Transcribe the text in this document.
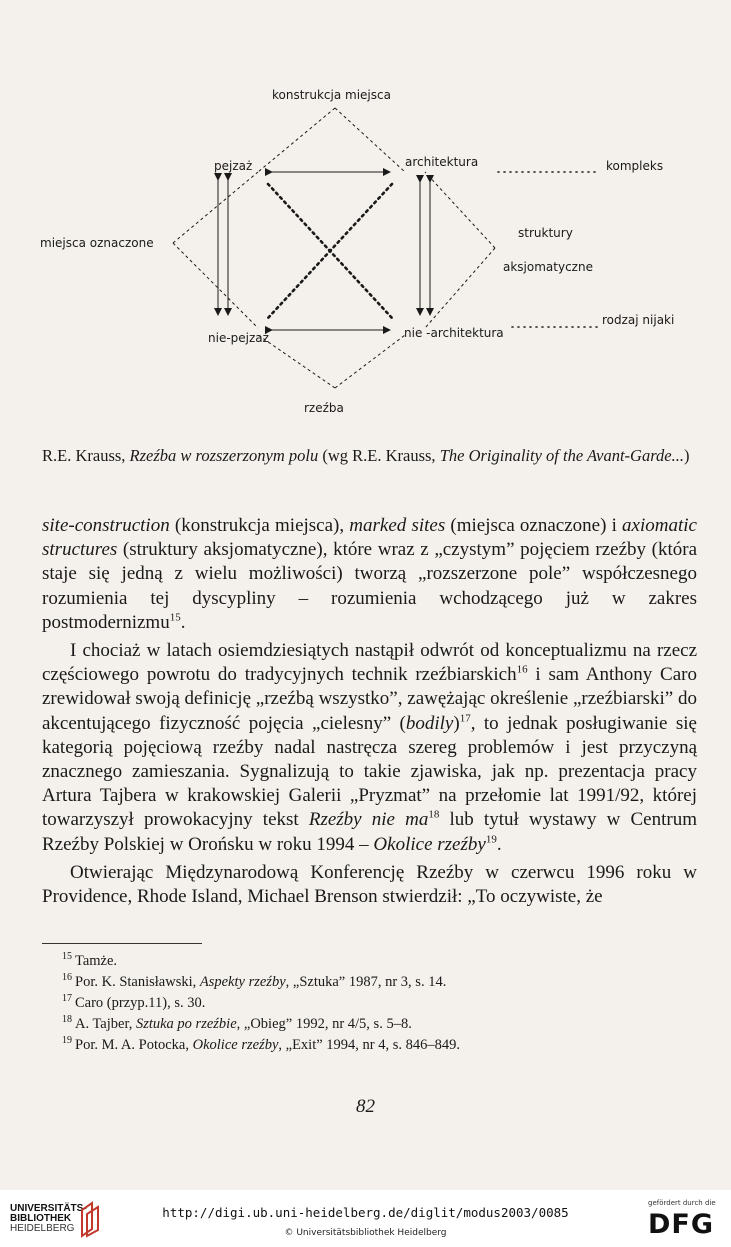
konstrukcja miejsca
pejzaż	architektura	kompleks
miejsca oznaczone
struktury
aksjomatyczne
rodzaj nijaki
nie-pejzaż	nie -architektura
rzeźba
R.E. Krauss, Rzeźba w rozszerzonym polu (wg R.E. Krauss, The Originality of the Avant-Garde...)

site-construction (konstrukcja miejsca), marked sites (miejsca oznaczone) i axiomatic structures (struktury aksjomatyczne), które wraz z „czystym” pojęciem rzeźby (która staje się jedną z wielu możliwości) tworzą „rozszerzone pole” współczesnego rozumienia tej dyscypliny – rozumienia wchodzącego już w zakres postmodernizmu$^{15}$.

I chociaż w latach osiemdziesiątych nastąpił odwrót od konceptualizmu na rzecz częściowego powrotu do tradycyjnych technik rzeźbiarskich$^{16}$ i sam Anthony Caro zrewidował swoją definicję „rzeźbą wszystko”, zawężając określenie „rzeźbiarski” do akcentującego fizyczność pojęcia „cielesny” (bodily)$^{17}$, to jednak posługiwanie się kategorią pojęciową rzeźby nadal nastręcza szereg problemów i jest przyczyną znacznego zamieszania. Sygnalizują to takie zjawiska, jak np. prezentacja pracy Artura Tajbera w krakowskiej Galerii „Pryzmat” na przełomie lat 1991/92, której towarzyszył prowokacyjny tekst Rzeźby nie $ma^{18}$ lub tytuł wystawy w Centrum Rzeźby Polskiej w Orońsku w roku 1994 – Okolice rzeźby$^{19}$.

Otwierając Międzynarodową Konferencję Rzeźby w czerwcu 1996 roku w Providence, Rhode Island, Michael Brenson stwierdził: „To oczywiste, że

$^{15}$ Tamże.
$^{16}$ Por. K. Stanisławski, Aspekty rzeźby, „Sztuka” 1987, nr 3, s. 14.
$^{17}$ Caro (przyp.11), s. 30.
$^{18}$ A. Tajber, Sztuka po rzeźbie, „Obieg” 1992, nr 4/5, s. 5–8.
$^{19}$ Por. M. A. Potocka, Okolice rzeźby, „Exit” 1994, nr 4, s. 846–849.
82
UNIVERSITÄTS-
BIBLIOTHEK
HEIDELBERG
http://digi.ub.uni-heidelberg.de/diglit/modus2003/0085
© Universitätsbibliothek Heidelberg
gefördert durch die
DFG
